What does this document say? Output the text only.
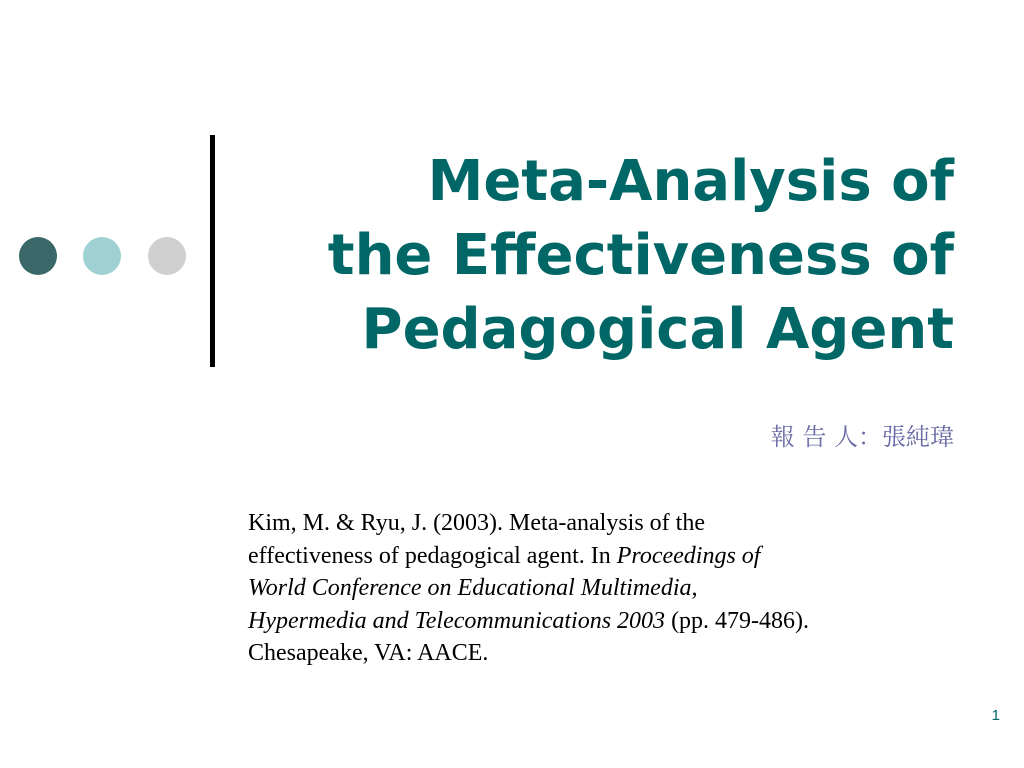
Meta-Analysis of
the Effectiveness of
Pedagogical Agent
報 告 人：張純瑋
Kim, M. & Ryu, J. (2003). Meta-analysis of the
effectiveness of pedagogical agent. In Proceedings of
World Conference on Educational Multimedia,
Hypermedia and Telecommunications 2003 (pp. 479-486).
Chesapeake, VA: AACE.
1
